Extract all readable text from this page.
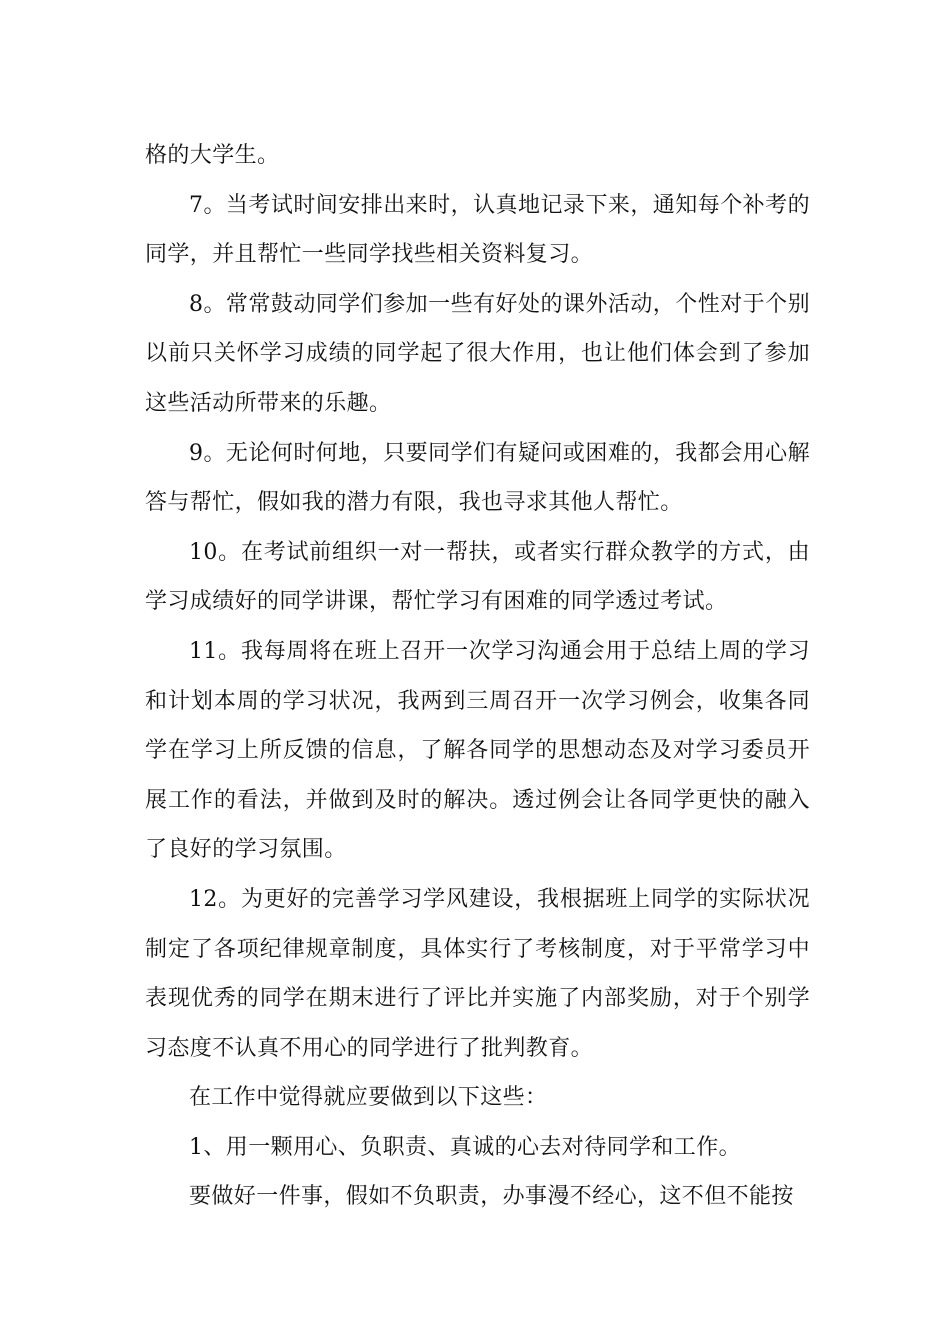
格的大学生。

7。当考试时间安排出来时，认真地记录下来，通知每个补考的同学，并且帮忙一些同学找些相关资料复习。

8。常常鼓动同学们参加一些有好处的课外活动，个性对于个别以前只关怀学习成绩的同学起了很大作用，也让他们体会到了参加这些活动所带来的乐趣。

9。无论何时何地，只要同学们有疑问或困难的，我都会用心解答与帮忙，假如我的潜力有限，我也寻求其他人帮忙。

10。在考试前组织一对一帮扶，或者实行群众教学的方式，由学习成绩好的同学讲课，帮忙学习有困难的同学透过考试。

11。我每周将在班上召开一次学习沟通会用于总结上周的学习和计划本周的学习状况，我两到三周召开一次学习例会，收集各同学在学习上所反馈的信息，了解各同学的思想动态及对学习委员开展工作的看法，并做到及时的解决。透过例会让各同学更快的融入了良好的学习氛围。

12。为更好的完善学习学风建设，我根据班上同学的实际状况制定了各项纪律规章制度，具体实行了考核制度，对于平常学习中表现优秀的同学在期末进行了评比并实施了内部奖励，对于个别学习态度不认真不用心的同学进行了批判教育。

在工作中觉得就应要做到以下这些：

1、用一颗用心、负职责、真诚的心去对待同学和工作。

要做好一件事，假如不负职责，办事漫不经心，这不但不能按
